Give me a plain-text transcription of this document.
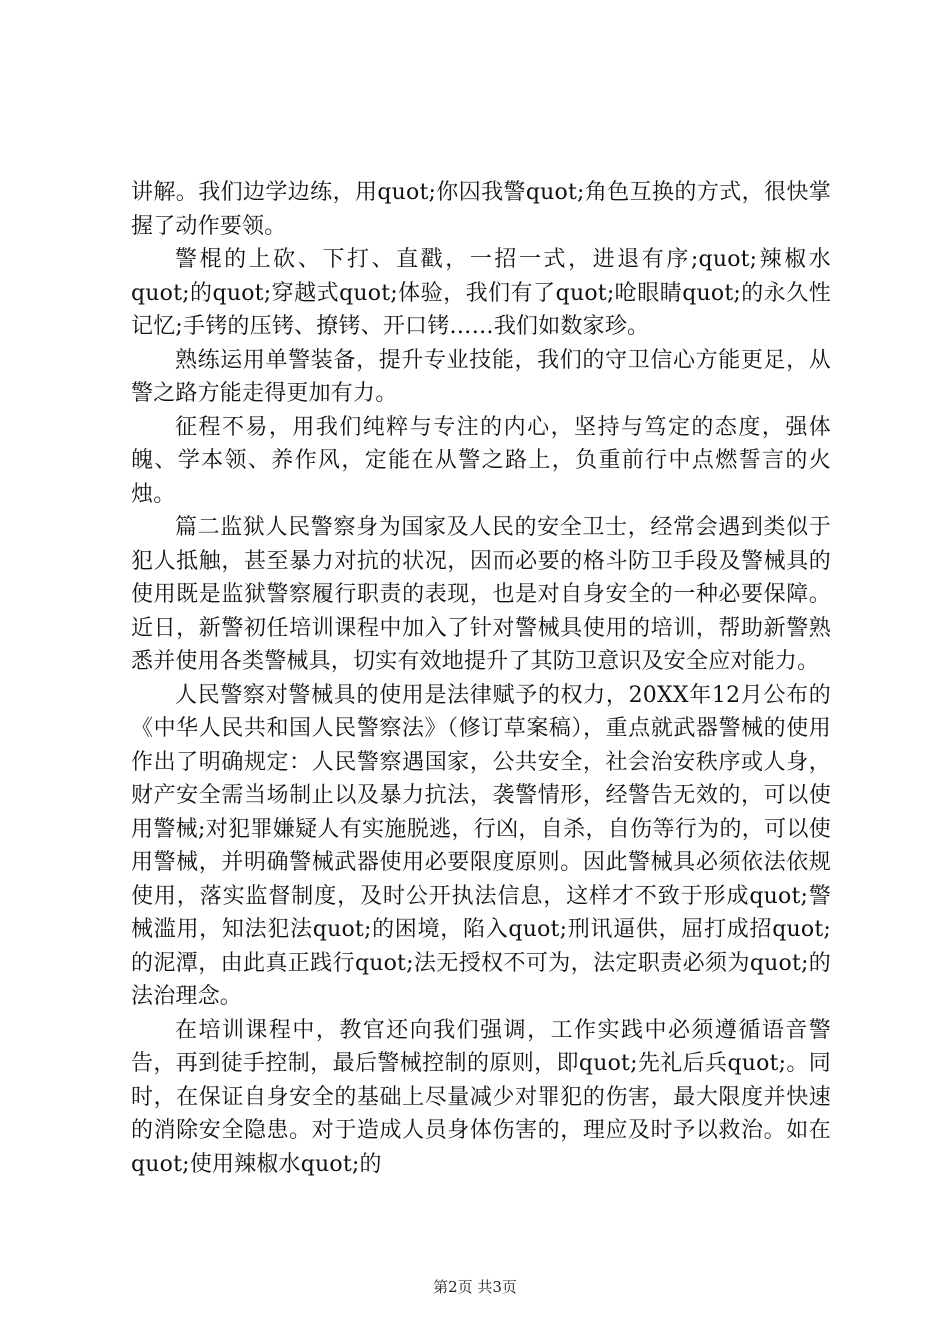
讲解。我们边学边练，用quot;你囚我警quot;角色互换的方式，很快掌握了动作要领。

警棍的上砍、下打、直戳，一招一式，进退有序;quot;辣椒水quot;的quot;穿越式quot;体验，我们有了quot;呛眼睛quot;的永久性记忆;手铐的压铐、撩铐、开口铐……我们如数家珍。

熟练运用单警装备，提升专业技能，我们的守卫信心方能更足，从警之路方能走得更加有力。

征程不易，用我们纯粹与专注的内心，坚持与笃定的态度，强体魄、学本领、养作风，定能在从警之路上，负重前行中点燃誓言的火烛。

篇二监狱人民警察身为国家及人民的安全卫士，经常会遇到类似于犯人抵触，甚至暴力对抗的状况，因而必要的格斗防卫手段及警械具的使用既是监狱警察履行职责的表现，也是对自身安全的一种必要保障。近日，新警初任培训课程中加入了针对警械具使用的培训，帮助新警熟悉并使用各类警械具，切实有效地提升了其防卫意识及安全应对能力。

人民警察对警械具的使用是法律赋予的权力，20XX年12月公布的《中华人民共和国人民警察法》（修订草案稿），重点就武器警械的使用作出了明确规定：人民警察遇国家，公共安全，社会治安秩序或人身，财产安全需当场制止以及暴力抗法，袭警情形，经警告无效的，可以使用警械;对犯罪嫌疑人有实施脱逃，行凶，自杀，自伤等行为的，可以使用警械，并明确警械武器使用必要限度原则。因此警械具必须依法依规使用，落实监督制度，及时公开执法信息，这样才不致于形成quot;警械滥用，知法犯法quot;的困境，陷入quot;刑讯逼供，屈打成招quot;的泥潭，由此真正践行quot;法无授权不可为，法定职责必须为quot;的法治理念。

在培训课程中，教官还向我们强调，工作实践中必须遵循语音警告，再到徒手控制，最后警械控制的原则，即quot;先礼后兵quot;。同时，在保证自身安全的基础上尽量减少对罪犯的伤害，最大限度并快速的消除安全隐患。对于造成人员身体伤害的，理应及时予以救治。如在quot;使用辣椒水quot;的

第2页 共3页
